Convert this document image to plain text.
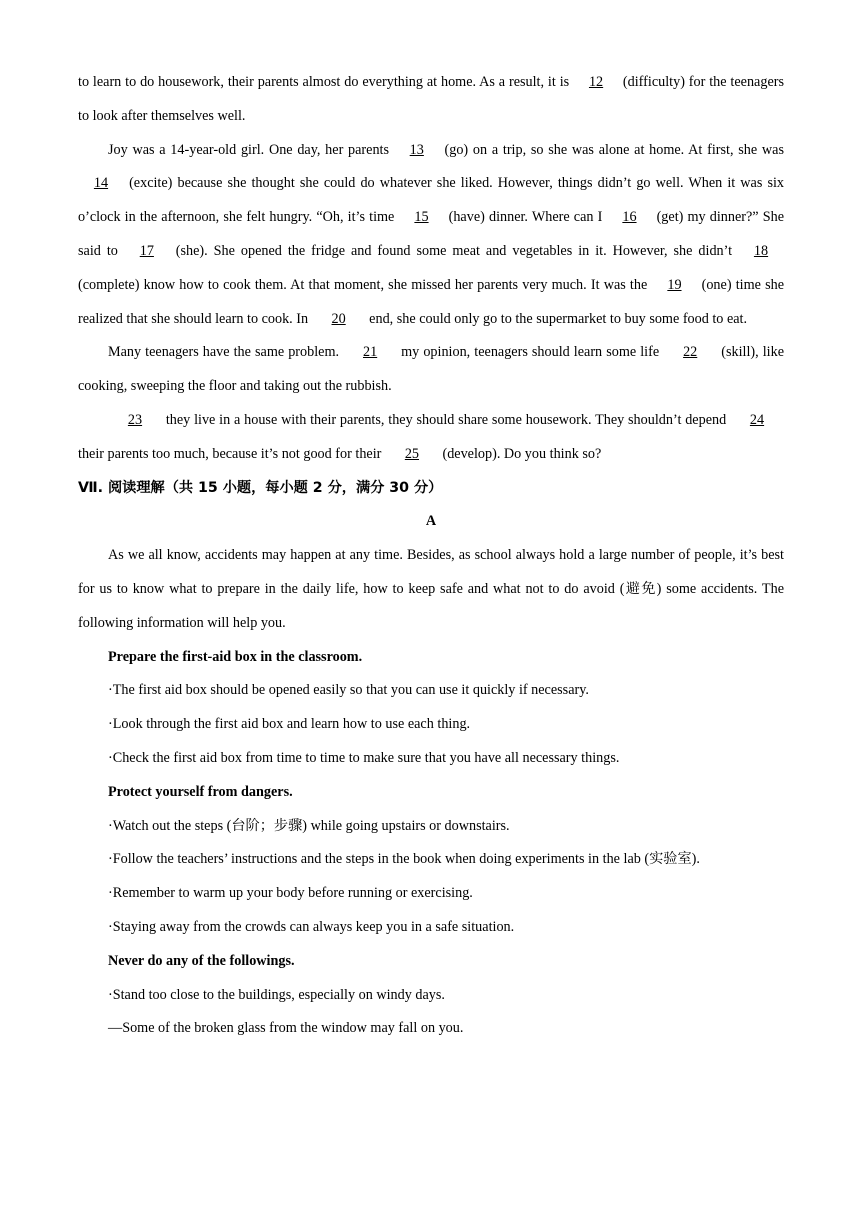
to learn to do housework, their parents almost do everything at home. As a result, it is 12 (difficulty) for the teenagers to look after themselves well.

Joy was a 14-year-old girl. One day, her parents 13 (go) on a trip, so she was alone at home. At first, she was 14 (excite) because she thought she could do whatever she liked. However, things didn’t go well. When it was six o’clock in the afternoon, she felt hungry. “Oh, it’s time 15 (have) dinner. Where can I 16 (get) my dinner?” She said to 17 (she). She opened the fridge and found some meat and vegetables in it. However, she didn’t 18 (complete) know how to cook them. At that moment, she missed her parents very much. It was the 19 (one) time she realized that she should learn to cook. In 20 end, she could only go to the supermarket to buy some food to eat.

Many teenagers have the same problem. 21 my opinion, teenagers should learn some life 22 (skill), like cooking, sweeping the floor and taking out the rubbish.

23 they live in a house with their parents, they should share some housework. They shouldn’t depend 24 their parents too much, because it’s not good for their 25 (develop). Do you think so?

Ⅶ. 阅读理解（共 15 小题，每小题 2 分，满分 30 分）

A

As we all know, accidents may happen at any time. Besides, as school always hold a large number of people, it’s best for us to know what to prepare in the daily life, how to keep safe and what not to do avoid (避免) some accidents. The following information will help you.

Prepare the first-aid box in the classroom.

·The first aid box should be opened easily so that you can use it quickly if necessary.

·Look through the first aid box and learn how to use each thing.

·Check the first aid box from time to time to make sure that you have all necessary things.

Protect yourself from dangers.

·Watch out the steps (台阶；步骤) while going upstairs or downstairs.

·Follow the teachers’ instructions and the steps in the book when doing experiments in the lab (实验室).

·Remember to warm up your body before running or exercising.

·Staying away from the crowds can always keep you in a safe situation.

Never do any of the followings.

·Stand too close to the buildings, especially on windy days.

—Some of the broken glass from the window may fall on you.
